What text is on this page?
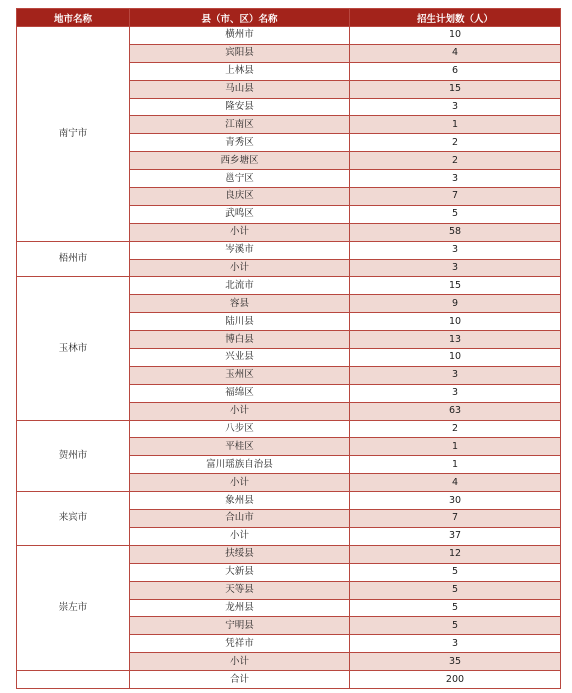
地市名称	县（市、区）名称	招生计划数（人）
南宁市	横州市	10
	宾阳县	4
	上林县	6
	马山县	15
	隆安县	3
	江南区	1
	青秀区	2
	西乡塘区	2
	邕宁区	3
	良庆区	7
	武鸣区	5
	小计	58
梧州市	岑溪市	3
	小计	3
玉林市	北流市	15
	容县	9
	陆川县	10
	博白县	13
	兴业县	10
	玉州区	3
	福绵区	3
	小计	63
贺州市	八步区	2
	平桂区	1
	富川瑶族自治县	1
	小计	4
来宾市	象州县	30
	合山市	7
	小计	37
崇左市	扶绥县	12
	大新县	5
	天等县	5
	龙州县	5
	宁明县	5
	凭祥市	3
	小计	35
	合计	200
